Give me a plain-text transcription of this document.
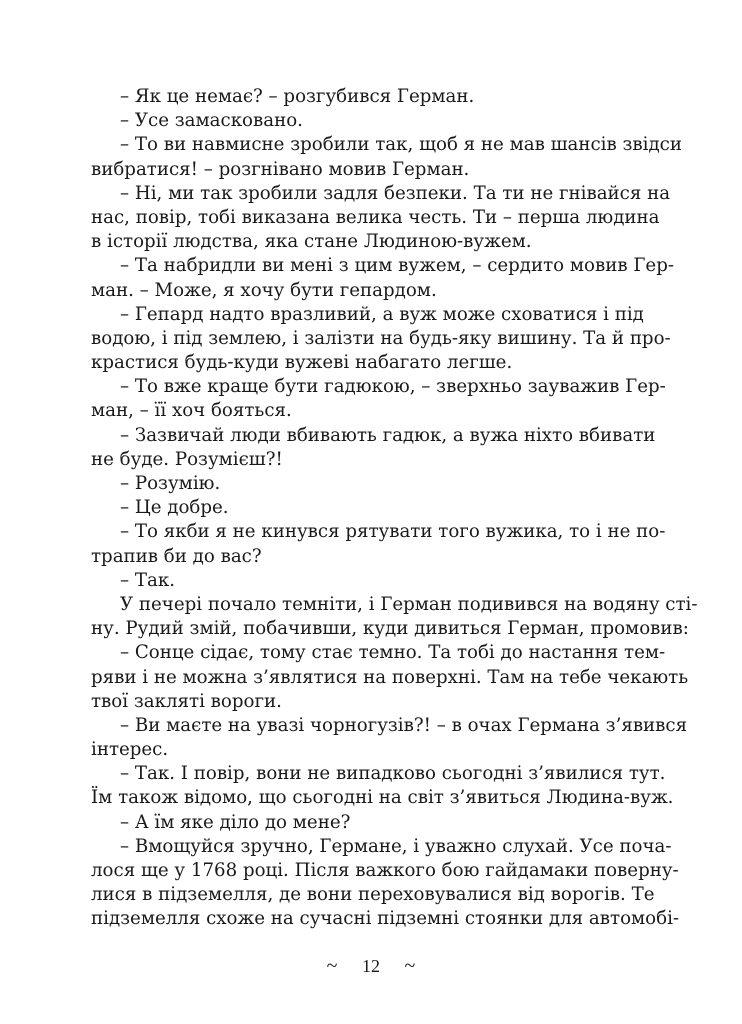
– Як це немає? – розгубився Герман.
– Усе замасковано.
– То ви навмисне зробили так, щоб я не мав шансів звідси
вибратися! – розгнівано мовив Герман.
– Ні, ми так зробили задля безпеки. Та ти не гнівайся на
нас, повір, тобі виказана велика честь. Ти – перша людина
в історії людства, яка стане Людиною-вужем.
– Та набридли ви мені з цим вужем, – сердито мовив Гер-
ман. – Може, я хочу бути гепардом.
– Гепард надто вразливий, а вуж може сховатися і під
водою, і під землею, і залізти на будь-яку вишину. Та й про-
крастися будь-куди вужеві набагато легше.
– То вже краще бути гадюкою, – зверхньо зауважив Гер-
ман, – її хоч бояться.
– Зазвичай люди вбивають гадюк, а вужа ніхто вбивати
не буде. Розумієш?!
– Розумію.
– Це добре.
– То якби я не кинувся рятувати того вужика, то і не по-
трапив би до вас?
– Так.
У печері почало темніти, і Герман подивився на водяну сті-
ну. Рудий змій, побачивши, куди дивиться Герман, промовив:
– Сонце сідає, тому стає темно. Та тобі до настання тем-
ряви і не можна з’являтися на поверхні. Там на тебе чекають
твої заклятi вороги.
– Ви маєте на увазі чорногузів?! – в очах Германа з’явився
інтерес.
– Так. І повір, вони не випадково сьогодні з’явилися тут.
Їм також відомо, що сьогодні на світ з’явиться Людина-вуж.
– А їм яке діло до мене?
– Вмощуйся зручно, Германе, і уважно слухай. Усе поча-
лося ще у 1768 році. Після важкого бою гайдамаки поверну-
лися в підземелля, де вони переховувалися від ворогів. Те
підземелля схоже на сучасні підземні стоянки для автомобі-
~ 12 ~
